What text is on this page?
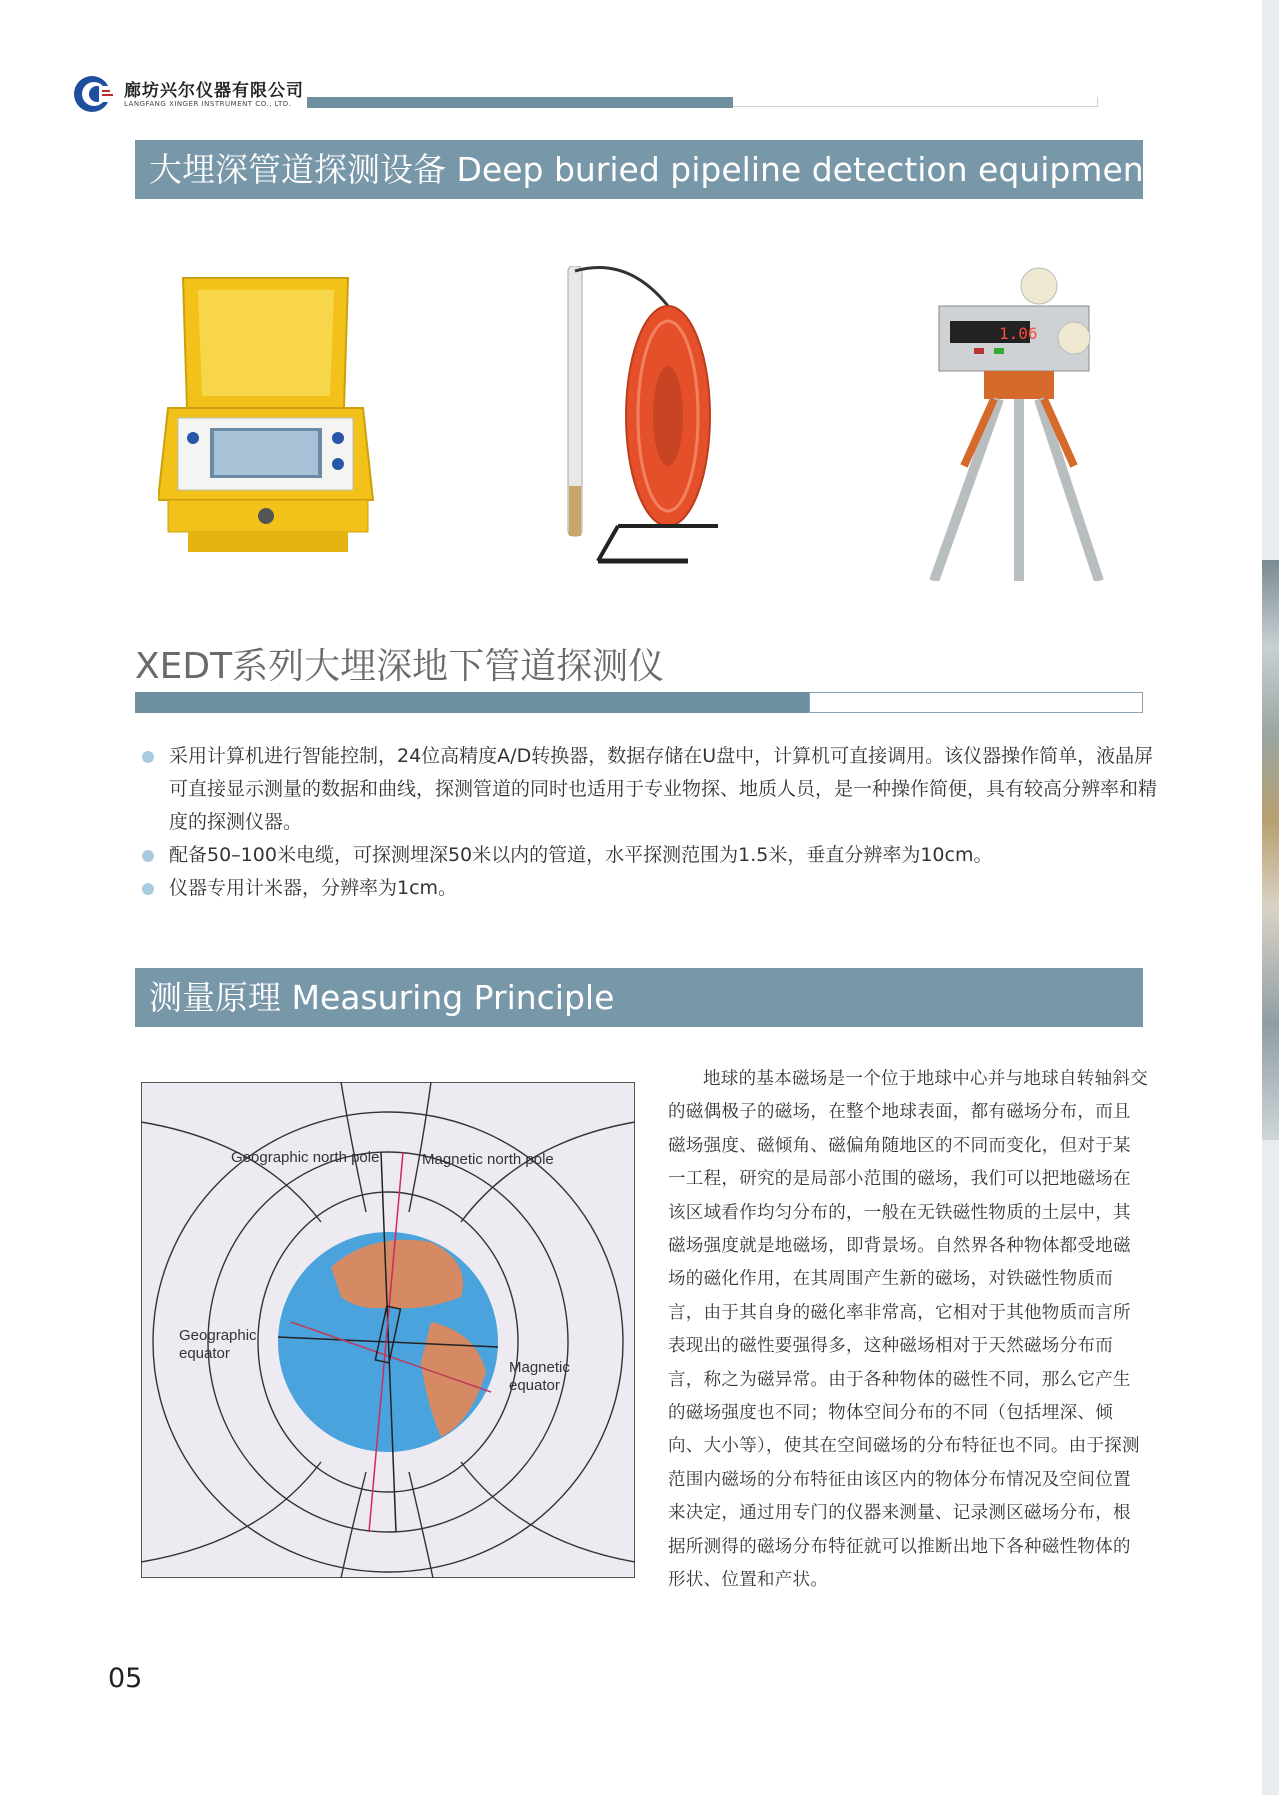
廊坊兴尔仪器有限公司
LANGFANG XINGER INSTRUMENT CO., LTD.
大埋深管道探测设备 Deep buried pipeline detection equipment
1.06
XEDT系列大埋深地下管道探测仪
采用计算机进行智能控制，24位高精度A/D转换器，数据存储在U盘中，计算机可直接调用。该仪器操作简单，液晶屏可直接显示测量的数据和曲线，探测管道的同时也适用于专业物探、地质人员，是一种操作简便，具有较高分辨率和精度的探测仪器。
配备50–100米电缆，可探测埋深50米以内的管道，水平探测范围为1.5米，垂直分辨率为10cm。
仪器专用计米器，分辨率为1cm。
测量原理 Measuring Principle
Geographic north pole	Magnetic north pole
Geographic
equator
Magnetic
equator
地球的基本磁场是一个位于地球中心并与地球自转轴斜交的磁偶极子的磁场，在整个地球表面，都有磁场分布，而且磁场强度、磁倾角、磁偏角随地区的不同而变化，但对于某一工程，研究的是局部小范围的磁场，我们可以把地磁场在该区域看作均匀分布的，一般在无铁磁性物质的土层中，其磁场强度就是地磁场，即背景场。自然界各种物体都受地磁场的磁化作用，在其周围产生新的磁场，对铁磁性物质而言，由于其自身的磁化率非常高，它相对于其他物质而言所表现出的磁性要强得多，这种磁场相对于天然磁场分布而言，称之为磁异常。由于各种物体的磁性不同，那么它产生的磁场强度也不同；物体空间分布的不同（包括埋深、倾向、大小等），使其在空间磁场的分布特征也不同。由于探测范围内磁场的分布特征由该区内的物体分布情况及空间位置来决定，通过用专门的仪器来测量、记录测区磁场分布，根据所测得的磁场分布特征就可以推断出地下各种磁性物体的形状、位置和产状。
05
